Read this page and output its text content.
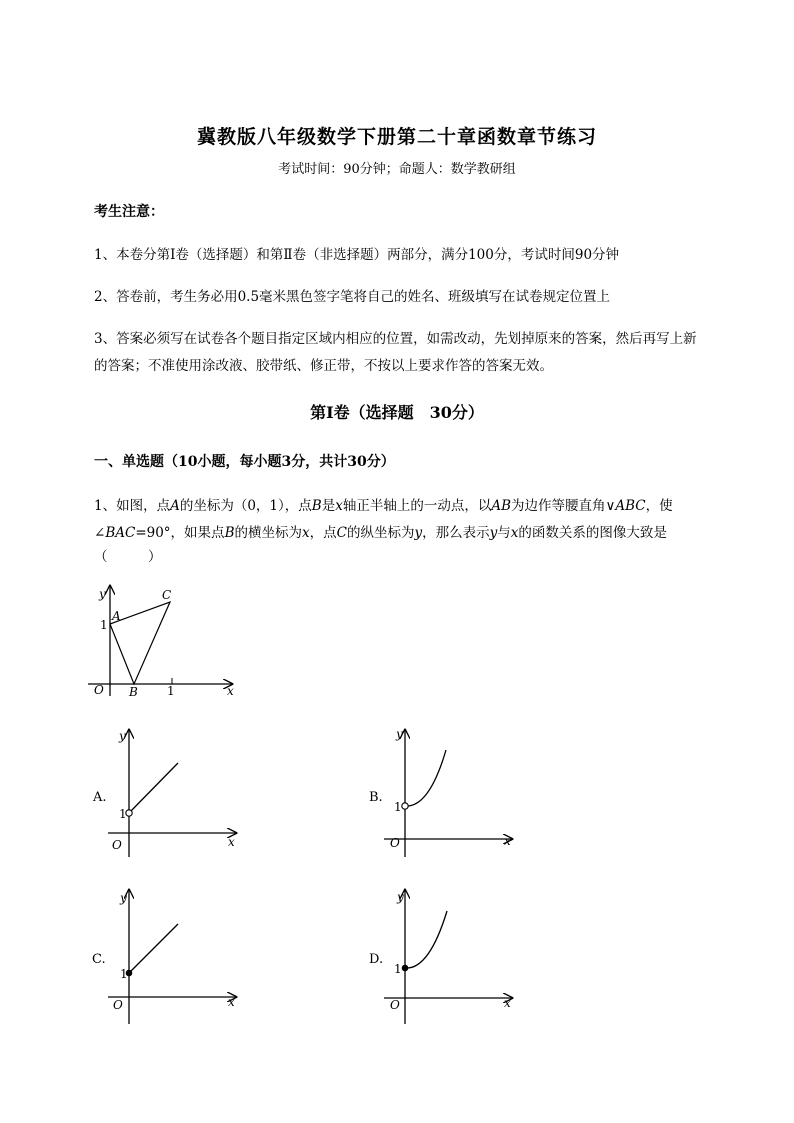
冀教版八年级数学下册第二十章函数章节练习
考试时间：90分钟；命题人：数学教研组
考生注意：
1、本卷分第I卷（选择题）和第Ⅱ卷（非选择题）两部分，满分100分，考试时间90分钟
2、答卷前，考生务必用0.5毫米黑色签字笔将自己的姓名、班级填写在试卷规定位置上
3、答案必须写在试卷各个题目指定区域内相应的位置，如需改动，先划掉原来的答案，然后再写上新
的答案；不准使用涂改液、胶带纸、修正带，不按以上要求作答的答案无效。
第I卷（选择题　30分）
一、单选题（10小题，每小题3分，共计30分）
1、如图，点A的坐标为（0，1），点B是x轴正半轴上的一动点，以AB为边作等腰直角∨ABC，使
∠BAC=90°，如果点B的横坐标为x，点C的纵坐标为y，那么表示y与x的函数关系的图像大致是
（　　　）
y
x
O
A
B
C
1
1
A.
y
x
O
1
B.
y
x
O
1
C.
y
x
O
1
D.
y
x
O
1
